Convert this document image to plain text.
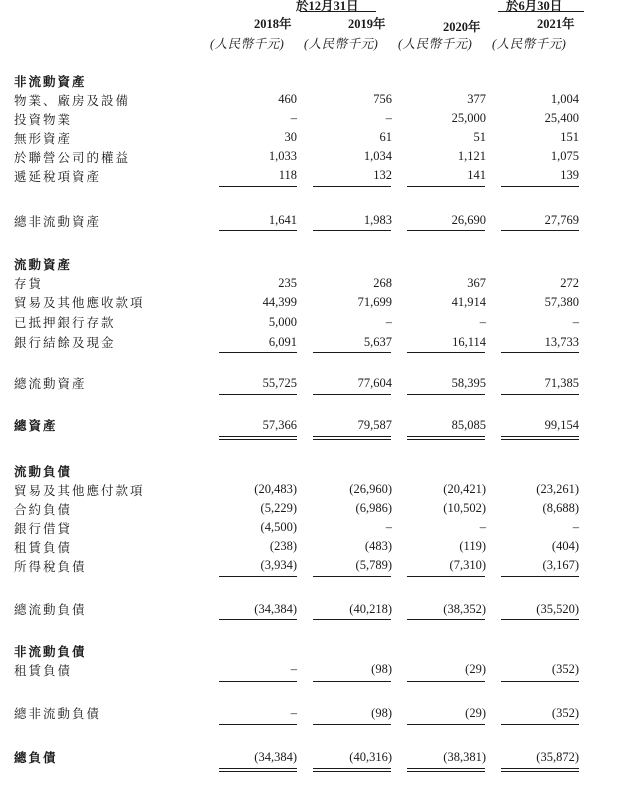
於12月31日	於6月30日
2018年	2019年	2020年	2021年
(人民幣千元) (人民幣千元) (人民幣千元) (人民幣千元)
非流動資產
物業、廠房及設備	460	756	377	1,004
投資物業	–	–	25,000	25,400
無形資產	30	61	51	151
於聯營公司的權益	1,033	1,034	1,121	1,075
遞延稅項資產	118	132	141	139
總非流動資產	1,641	1,983	26,690	27,769
流動資產
存貨	235	268	367	272
貿易及其他應收款項	44,399	71,699	41,914	57,380
已抵押銀行存款	5,000	–	–	–
銀行結餘及現金	6,091	5,637	16,114	13,733
總流動資產	55,725	77,604	58,395	71,385
總資產	57,366	79,587	85,085	99,154
流動負債
貿易及其他應付款項	(20,483)	(26,960)	(20,421)	(23,261)
合約負債	(5,229)	(6,986)	(10,502)	(8,688)
銀行借貸	(4,500)	–	–	–
租賃負債	(238)	(483)	(119)	(404)
所得稅負債	(3,934)	(5,789)	(7,310)	(3,167)
總流動負債	(34,384)	(40,218)	(38,352)	(35,520)
非流動負債
租賃負債	–	(98)	(29)	(352)
總非流動負債	–	(98)	(29)	(352)
總負債	(34,384)	(40,316)	(38,381)	(35,872)
